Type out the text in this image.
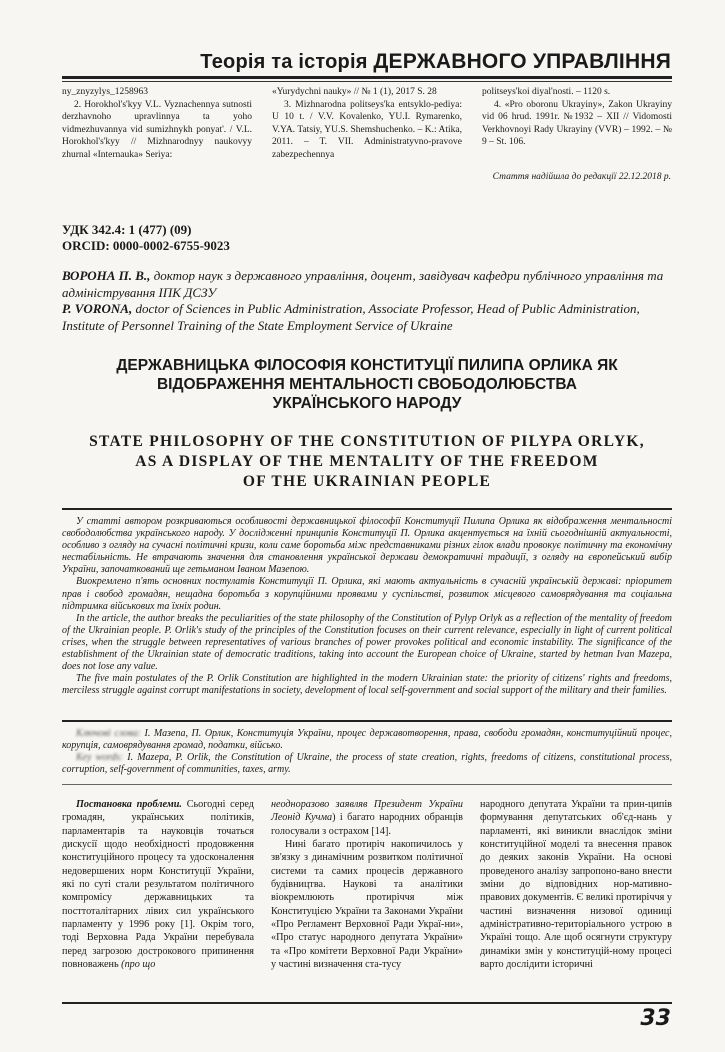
Теорія та історія ДЕРЖАВНОГО УПРАВЛІННЯ

ny_znyzylys_1258963

2. Horokhol's'kyy V.L. Vyznachennya sutnosti derzhavnoho upravlinnya ta yoho vidmezhuvannya vid sumizhnykh ponyat'. / V.L. Horokhol's'kyy // Mizhnarodnyy naukovyy zhurnal «Internauka» Seriya:

«Yurydychni nauky» // № 1 (1), 2017 S. 28

3. Mizhnarodna politseys'ka entsyklo-pediya: U 10 t. / V.V. Kovalenko, YU.I. Rymarenko, V.YA. Tatsiy, YU.S. Shemshuchenko. – K.: Atika, 2011. – T. VII. Administratyvno-pravove zabezpechennya

politseys'koi diyal'nosti. – 1120 s.

4. «Pro oboronu Ukrayiny», Zakon Ukrayiny vid 06 hrud. 1991r. №1932 – XII // Vidomosti Verkhovnoyi Rady Ukrayiny (VVR) – 1992. – № 9 – St. 106.

Стаття надійшла до редакції 22.12.2018 р.

УДК 342.4: 1 (477) (09)

ORCID: 0000-0002-6755-9023

ВОРОНА П. В., доктор наук з державного управління, доцент, завідувач кафедри публічного управління та адміністрування ІПК ДСЗУ

P. VORONA, doctor of Sciences in Public Administration, Associate Professor, Head of Public Administration, Institute of Personnel Training of the State Employment Service of Ukraine

ДЕРЖАВНИЦЬКА ФІЛОСОФІЯ КОНСТИТУЦІЇ ПИЛИПА ОРЛИКА ЯК
ВІДОБРАЖЕННЯ МЕНТАЛЬНОСТІ СВОБОДОЛЮБСТВА
УКРАЇНСЬКОГО НАРОДУ
STATE PHILOSOPHY OF THE CONSTITUTION OF PILYPA ORLYK,
AS A DISPLAY OF THE MENTALITY OF THE FREEDOM
OF THE UKRAINIAN PEOPLE

У статті автором розкриваються особливості державницької філософії Конституції Пилипа Орлика як відображення ментальності свободолюбства українського народу. У дослідженні принципів Конституції П. Орлика акцентується на їхній сьогоднішній актуальності, особливо з огляду на сучасні політичні кризи, коли саме боротьба між представниками різних гілок влади провокує політичну та економічну нестабільність. Не втрачають значення для становлення української держави демократичні традиції, з огляду на європейський вибір України, започаткований ще гетьманом Іваном Мазепою.

Виокремлено п'ять основних постулатів Конституції П. Орлика, які мають актуальність в сучасній українській державі: пріоритет прав і свобод громадян, нещадна боротьба з корупційними проявами у суспільстві, розвиток місцевого самоврядування та соціальна підтримка військових та їхніх родин.

In the article, the author breaks the peculiarities of the state philosophy of the Constitution of Pylyp Orlyk as a reflection of the mentality of freedom of the Ukrainian people. P. Orlik's study of the principles of the Constitution focuses on their current relevance, especially in light of current political crises, when the struggle between representatives of various branches of power provokes political and economic instability. The significance of the establishment of the Ukrainian state of democratic traditions, taking into account the European choice of Ukraine, started by hetman Ivan Mazepa, does not lose any value.

The five main postulates of the P. Orlik Constitution are highlighted in the modern Ukrainian state: the priority of citizens' rights and freedoms, merciless struggle against corrupt manifestations in society, development of local self-government and social support of the military and their families.

Ключові слова: І. Мазепа, П. Орлик, Конституція України, процес державотворення, права, свободи громадян, конституційний процес, корупція, самоврядування громад, податки, військо.

Key words: I. Mazepa, P. Orlik, the Constitution of Ukraine, the process of state creation, rights, freedoms of citizens, constitutional process, corruption, self-government of communities, taxes, army.

Постановка проблеми. Сьогодні серед громадян, українських політиків, парламентарів та науковців точаться дискусії щодо необхідності продовження конституційного процесу та удосконалення недовершених норм Конституції України, які по суті стали результатом політичного компромісу державницьких та посттоталітарних лівих сил українського парламенту у 1996 року [1]. Окрім того, тоді Верховна Рада України перебувала перед загрозою дострокового припинення повноважень (про що

неодноразово заявляв Президент України Леонід Кучма) і багато народних обранців голосували з острахом [14].

Нині багато протиріч накопичилось у зв'язку з динамічним розвитком політичної системи та самих процесів державного будівництва. Наукові та аналітики вiокремлюють протиріччя між Конституцією України та Законами України «Про Регламент Верховної Ради Украї-ни», «Про статус народного депутата України» та «Про комітети Верховної Ради України» у частині визначення ста-тусу

народного депутата України та прин-ципів формування депутатських об'єд-нань у парламенті, які виникли внаслідок зміни конституційної моделі та внесення правок до деяких законів України. На основі проведеного аналізу запропоно-вано внести зміни до відповідних нор-мативно-правових документів. Є великі протиріччя у частині визначення низової одиниці адміністративно-територіального устрою в Україні тощо. Але щоб осягнути структуру динаміки змін у конституцій-ному процесі варто дослідити історичні

33
